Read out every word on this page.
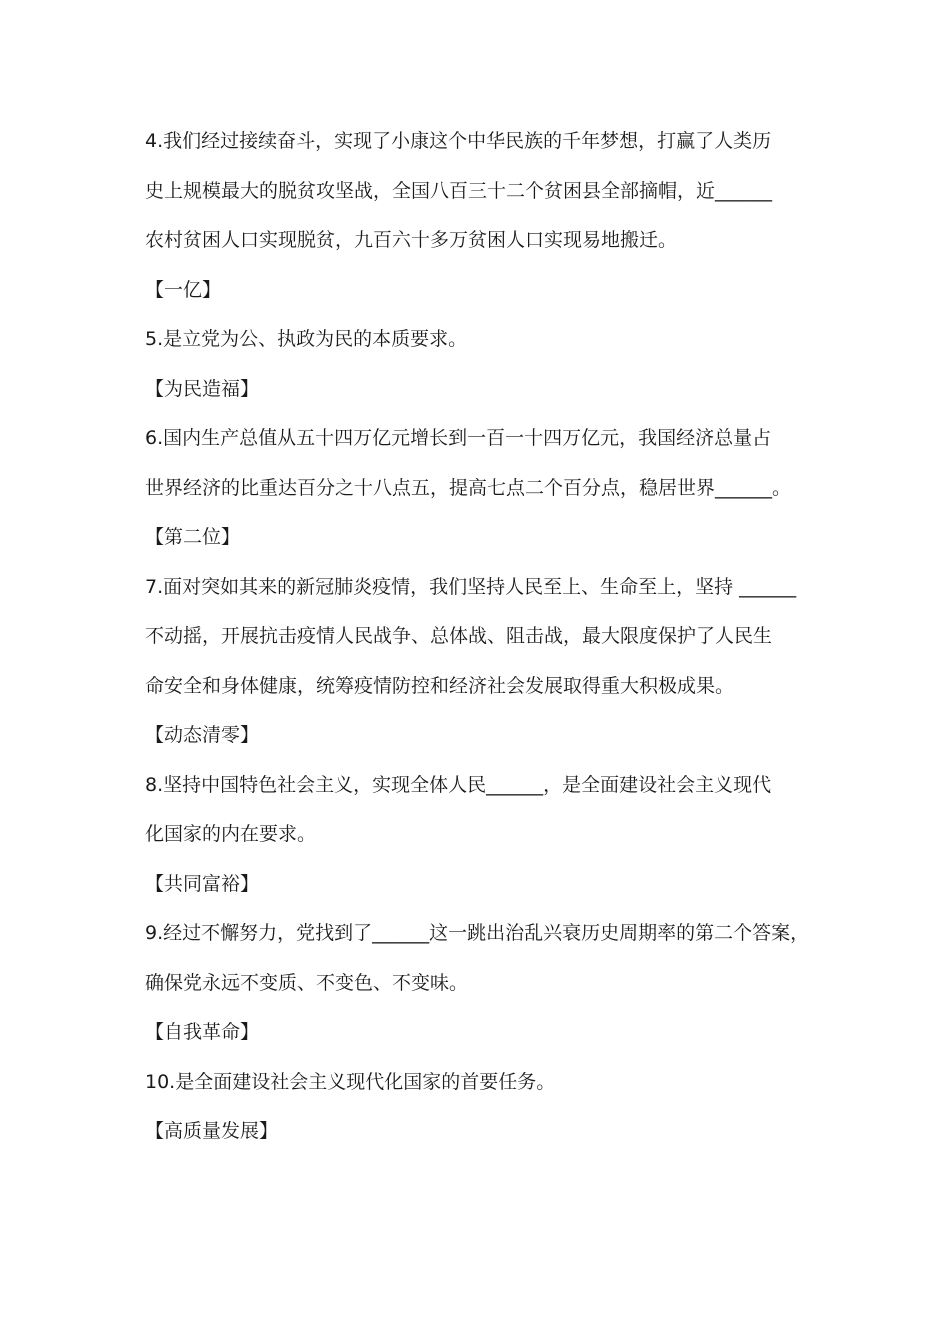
4.我们经过接续奋斗，实现了小康这个中华民族的千年梦想，打赢了人类历

史上规模最大的脱贫攻坚战，全国八百三十二个贫困县全部摘帽，近______

农村贫困人口实现脱贫，九百六十多万贫困人口实现易地搬迁。

【一亿】

5.是立党为公、执政为民的本质要求。

【为民造福】

6.国内生产总值从五十四万亿元增长到一百一十四万亿元，我国经济总量占

世界经济的比重达百分之十八点五，提高七点二个百分点，稳居世界______。

【第二位】

7.面对突如其来的新冠肺炎疫情，我们坚持人民至上、生命至上，坚持 ______

不动摇，开展抗击疫情人民战争、总体战、阻击战，最大限度保护了人民生

命安全和身体健康，统筹疫情防控和经济社会发展取得重大积极成果。

【动态清零】

8.坚持中国特色社会主义，实现全体人民______，是全面建设社会主义现代

化国家的内在要求。

【共同富裕】

9.经过不懈努力，党找到了______这一跳出治乱兴衰历史周期率的第二个答案，

确保党永远不变质、不变色、不变味。

【自我革命】

10.是全面建设社会主义现代化国家的首要任务。

【高质量发展】
